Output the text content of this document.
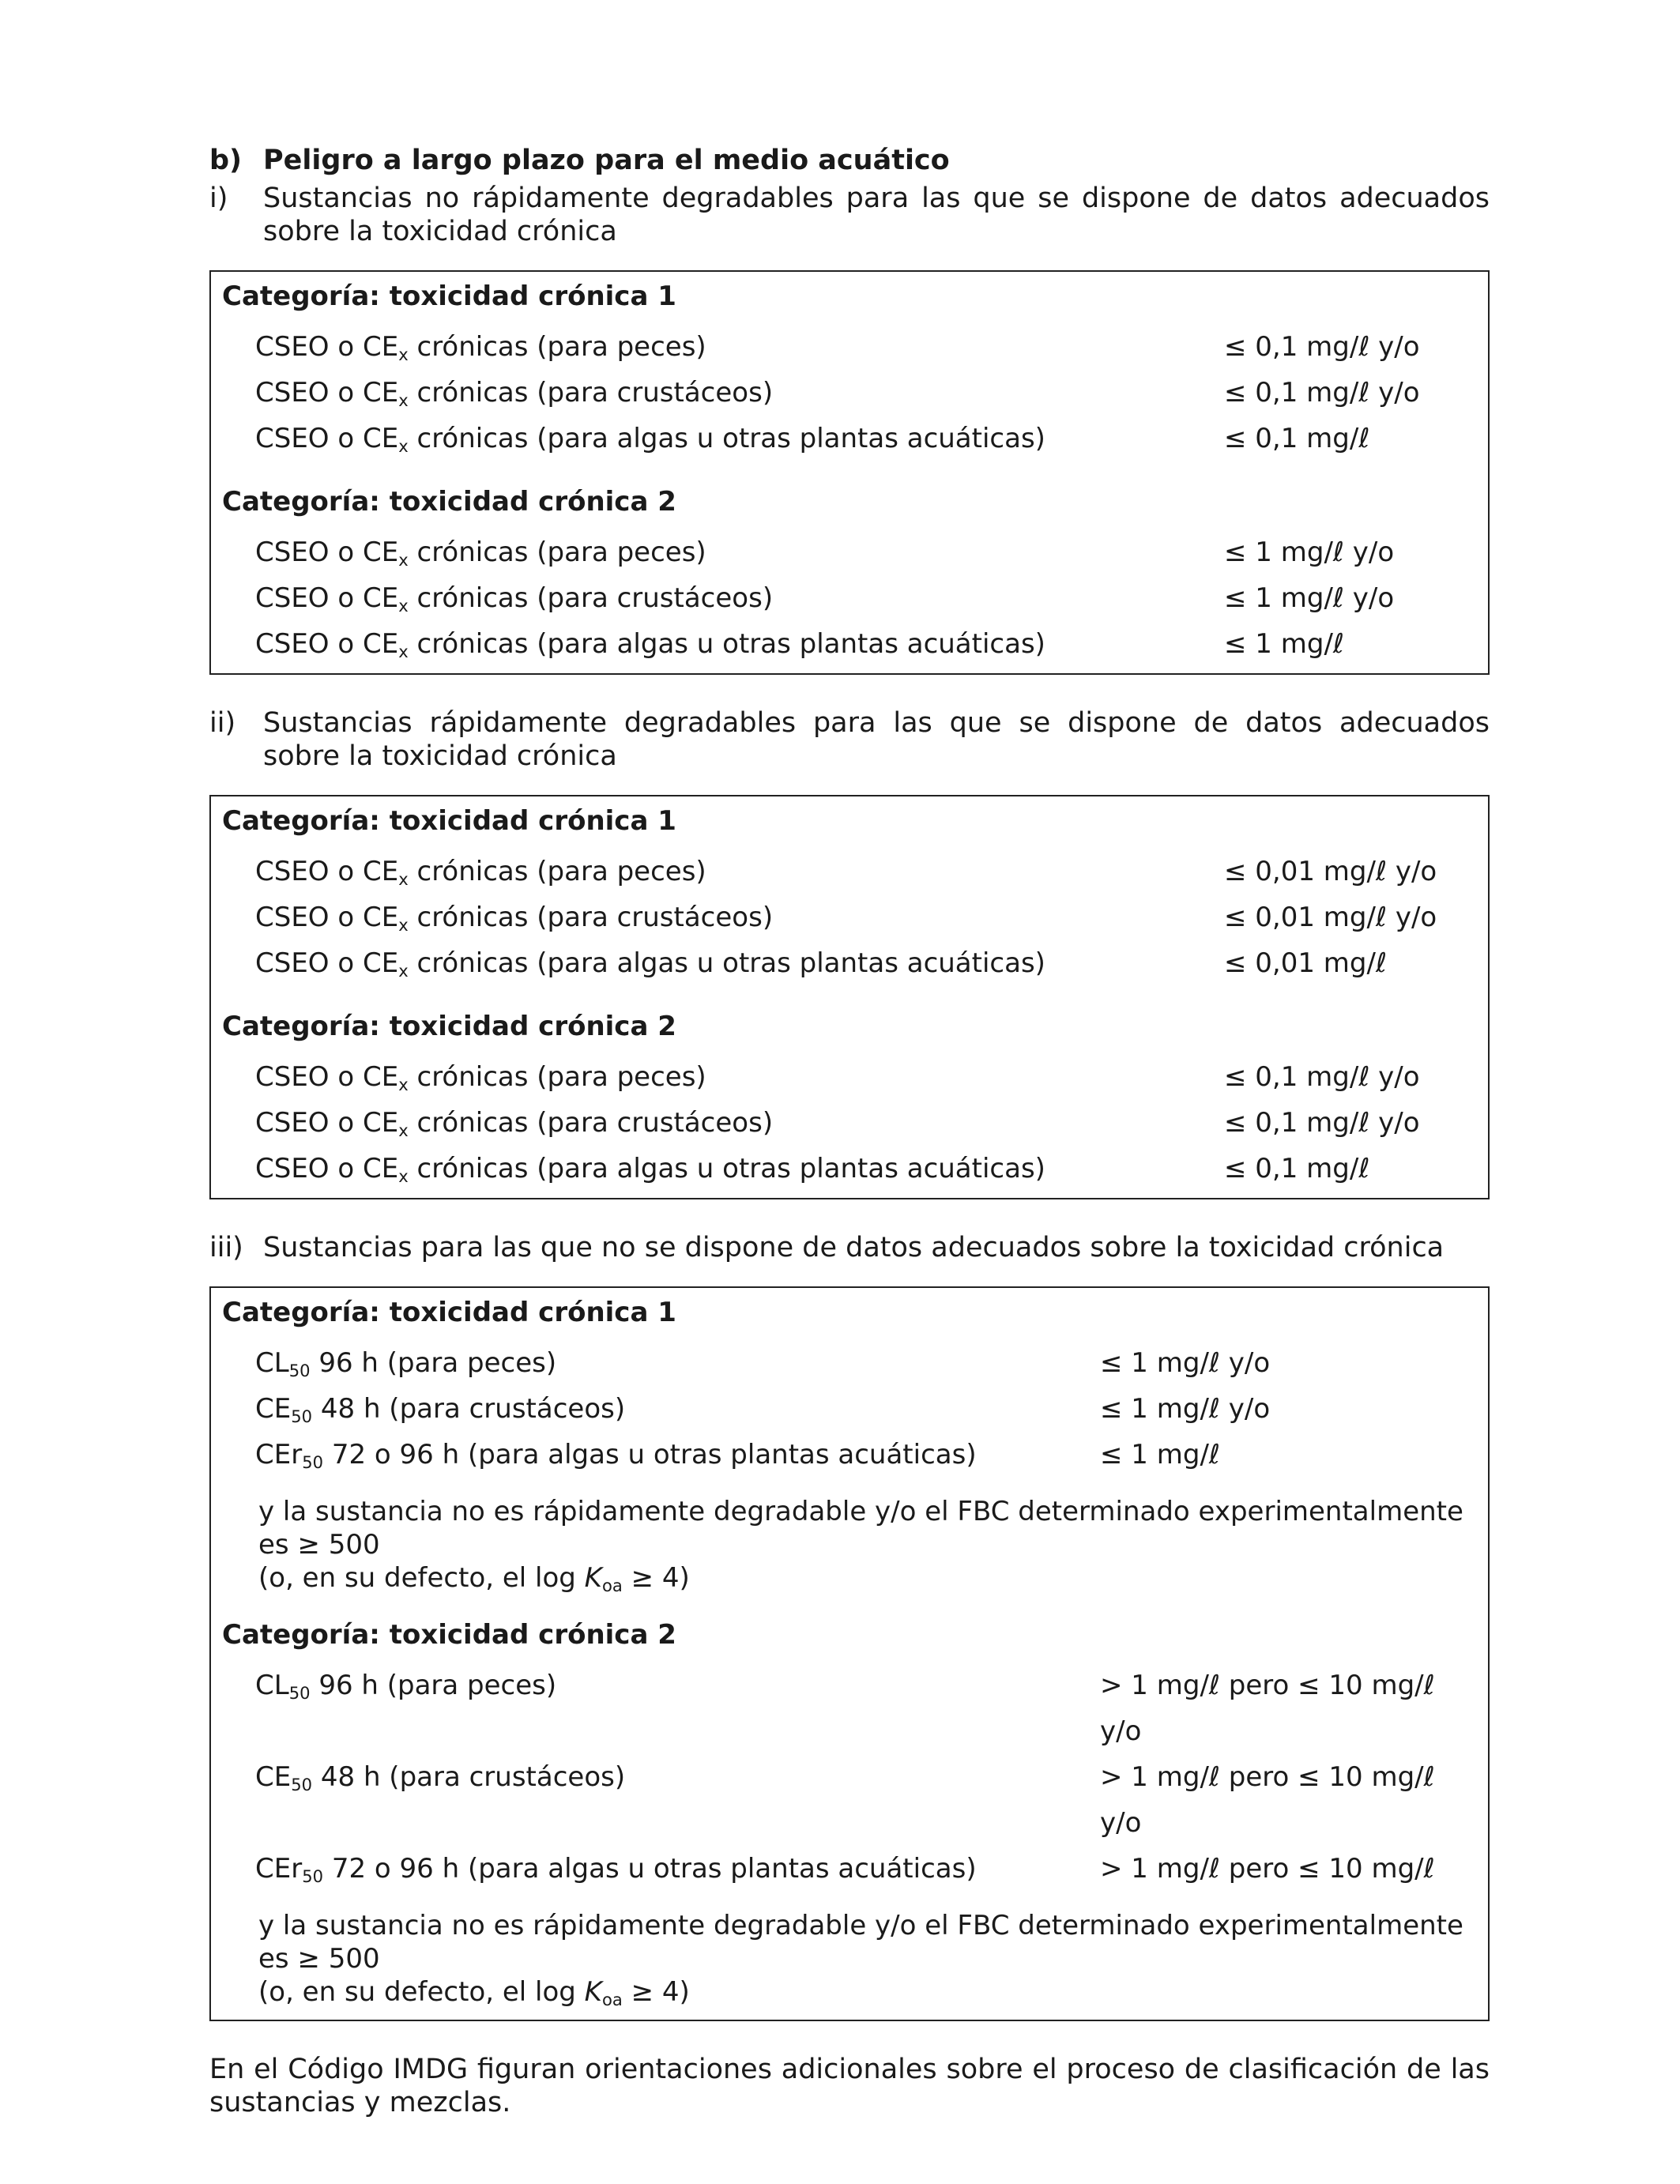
b) Peligro a largo plazo para el medio acuático
i)	Sustancias no rápidamente degradables para las que se dispone de datos adecuados sobre la toxicidad crónica
Categoría: toxicidad crónica 1
CSEO o $CE_x$ crónicas (para peces)	≤ 0,1 mg/ℓ y/o
CSEO o $CE_x$ crónicas (para crustáceos)	≤ 0,1 mg/ℓ y/o
CSEO o $CE_x$ crónicas (para algas u otras plantas acuáticas)	≤ 0,1 mg/ℓ
Categoría: toxicidad crónica 2
CSEO o $CE_x$ crónicas (para peces)	≤ 1 mg/ℓ y/o
CSEO o $CE_x$ crónicas (para crustáceos)	≤ 1 mg/ℓ y/o
CSEO o $CE_x$ crónicas (para algas u otras plantas acuáticas)	≤ 1 mg/ℓ
ii) Sustancias rápidamente degradables para las que se dispone de datos adecuados sobre la toxicidad crónica
Categoría: toxicidad crónica 1
CSEO o $CE_x$ crónicas (para peces)	≤ 0,01 mg/ℓ y/o
CSEO o $CE_x$ crónicas (para crustáceos)	≤ 0,01 mg/ℓ y/o
CSEO o $CE_x$ crónicas (para algas u otras plantas acuáticas)	≤ 0,01 mg/ℓ
Categoría: toxicidad crónica 2
CSEO o $CE_x$ crónicas (para peces)	≤ 0,1 mg/ℓ y/o
CSEO o $CE_x$ crónicas (para crustáceos)	≤ 0,1 mg/ℓ y/o
CSEO o $CE_x$ crónicas (para algas u otras plantas acuáticas)	≤ 0,1 mg/ℓ
iii) Sustancias para las que no se dispone de datos adecuados sobre la toxicidad crónica
Categoría: toxicidad crónica 1
$CL_{50}$ 96 h (para peces)	≤ 1 mg/ℓ y/o
$CE_{50}$ 48 h (para crustáceos)	≤ 1 mg/ℓ y/o
CEr$_{50}$ 72 o 96 h (para algas u otras plantas acuáticas)	≤ 1 mg/ℓ
y la sustancia no es rápidamente degradable y/o el FBC determinado experimentalmente es ≥ 500
(o, en su defecto, el $\log K_{oa} \ge 4$)
Categoría: toxicidad crónica 2
$CL_{50}$ 96 h (para peces)	> 1 mg/ℓ pero ≤ 10 mg/ℓ y/o
$CE_{50}$ 48 h (para crustáceos)	> 1 mg/ℓ pero ≤ 10 mg/ℓ y/o
CEr$_{50}$ 72 o 96 h (para algas u otras plantas acuáticas)	> 1 mg/ℓ pero ≤ 10 mg/ℓ
y la sustancia no es rápidamente degradable y/o el FBC determinado experimentalmente es ≥ 500
(o, en su defecto, el $\log K_{oa} \ge 4$)
En el Código IMDG figuran orientaciones adicionales sobre el proceso de clasificación de las sustancias y mezclas.
